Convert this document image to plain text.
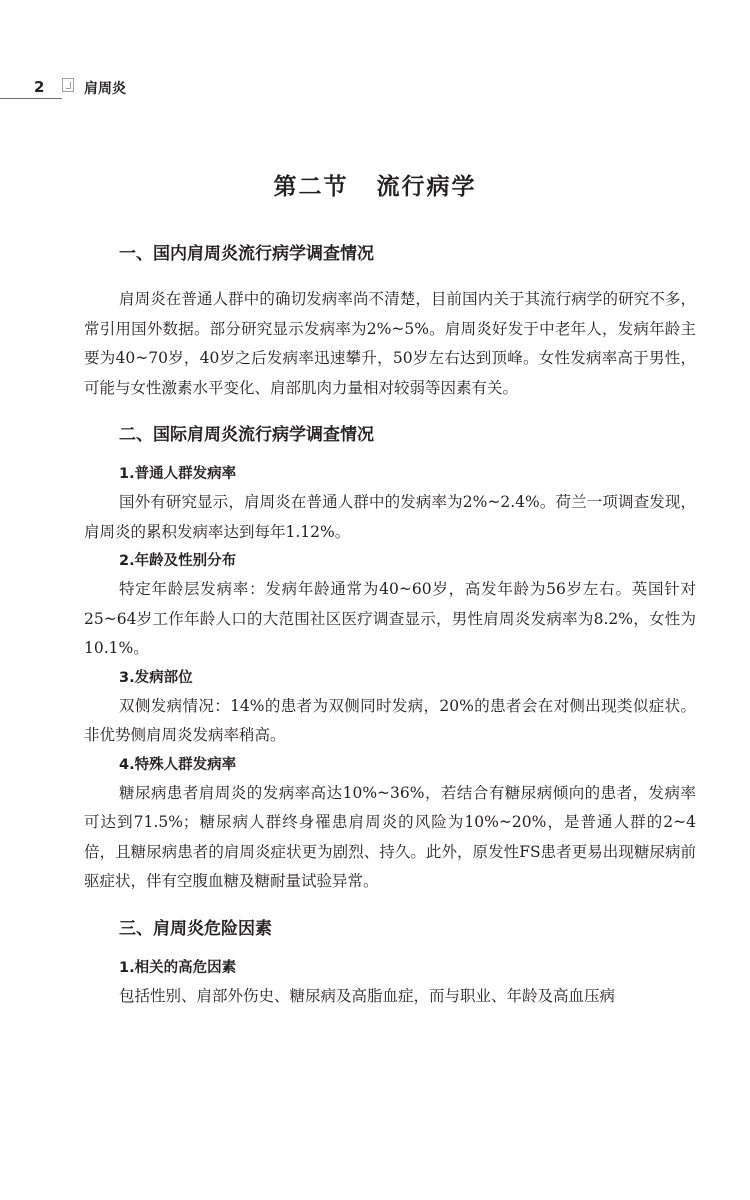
2	肩周炎
第二节 流行病学
一、国内肩周炎流行病学调查情况

肩周炎在普通人群中的确切发病率尚不清楚，目前国内关于其流行病学的研究不多，常引用国外数据。部分研究显示发病率为2%~5%。肩周炎好发于中老年人，发病年龄主要为40~70岁，40岁之后发病率迅速攀升，50岁左右达到顶峰。女性发病率高于男性，可能与女性激素水平变化、肩部肌肉力量相对较弱等因素有关。

二、国际肩周炎流行病学调查情况
1.普通人群发病率

国外有研究显示，肩周炎在普通人群中的发病率为2%~2.4%。荷兰一项调查发现，肩周炎的累积发病率达到每年1.12%。

2.年龄及性别分布

特定年龄层发病率：发病年龄通常为40~60岁，高发年龄为56岁左右。英国针对25~64岁工作年龄人口的大范围社区医疗调查显示，男性肩周炎发病率为8.2%，女性为10.1%。

3.发病部位

双侧发病情况：14%的患者为双侧同时发病，20%的患者会在对侧出现类似症状。非优势侧肩周炎发病率稍高。

4.特殊人群发病率

糖尿病患者肩周炎的发病率高达10%~36%，若结合有糖尿病倾向的患者，发病率可达到71.5%；糖尿病人群终身罹患肩周炎的风险为10%~20%，是普通人群的2~4倍，且糖尿病患者的肩周炎症状更为剧烈、持久。此外，原发性FS患者更易出现糖尿病前驱症状，伴有空腹血糖及糖耐量试验异常。

三、肩周炎危险因素
1.相关的高危因素

包括性别、肩部外伤史、糖尿病及高脂血症，而与职业、年龄及高血压病
